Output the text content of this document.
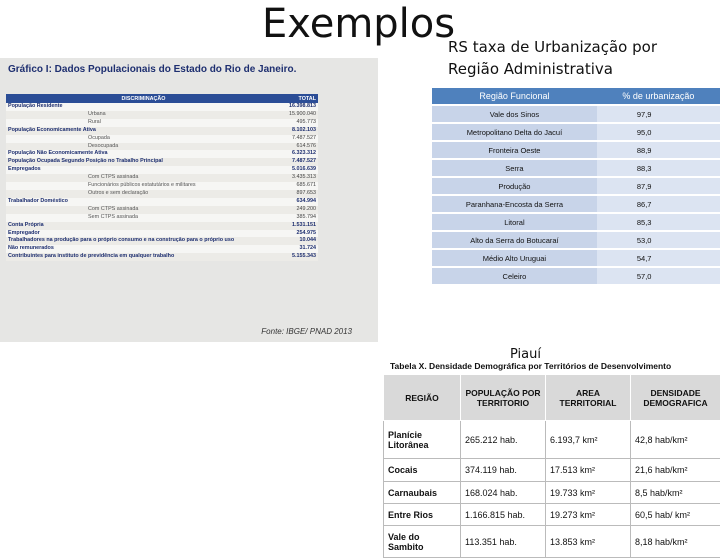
Exemplos
RS taxa de Urbanização por Região Administrativa
Gráfico I: Dados Populacionais do Estado do Rio de Janeiro.
DISCRIMINAÇÃO	TOTAL
População Residente	16.398.813
Urbana	15.900.040
Rural	495.773
População Economicamente Ativa	8.102.103
Ocupada	7.487.527
Desocupada	614.576
População Não Economicamente Ativa	6.323.312
População Ocupada Segundo Posição no Trabalho Principal	7.487.527
Empregados	5.016.639
Com CTPS assinada	3.435.313
Funcionários públicos estatutários e militares	685.671
Outros e sem declaração	897.653
Trabalhador Doméstico	634.994
Com CTPS assinada	249.200
Sem CTPS assinada	385.794
Conta Própria	1.531.151
Empregador	254.975
Trabalhadores na produção para o próprio consumo e na construção para o próprio uso	10.044
Não remunerados	31.724
Contribuintes para instituto de previdência em qualquer trabalho	5.155.343
Fonte: IBGE/ PNAD 2013
Região Funcional	% de urbanização
Vale dos Sinos	97,9
Metropolitano Delta do Jacuí	95,0
Fronteira Oeste	88,9
Serra	88,3
Produção	87,9
Paranhana-Encosta da Serra	86,7
Litoral	85,3
Alto da Serra do Botucaraí	53,0
Médio Alto Uruguai	54,7
Celeiro	57,0
Piauí
Tabela X. Densidade Demográfica por Territórios de Desenvolvimento
REGIÃO	POPULAÇÃO POR TERRITORIO	AREA TERRITORIAL	DENSIDADE DEMOGRAFICA
Planície Litorânea	265.212 hab.	6.193,7 km²	42,8 hab/km²
Cocais	374.119 hab.	17.513 km²	21,6 hab/km²
Carnaubais	168.024 hab.	19.733 km²	8,5 hab/km²
Entre Rios	1.166.815 hab.	19.273 km²	60,5 hab/ km²
Vale do Sambito	113.351 hab.	13.853 km²	8,18 hab/km²
